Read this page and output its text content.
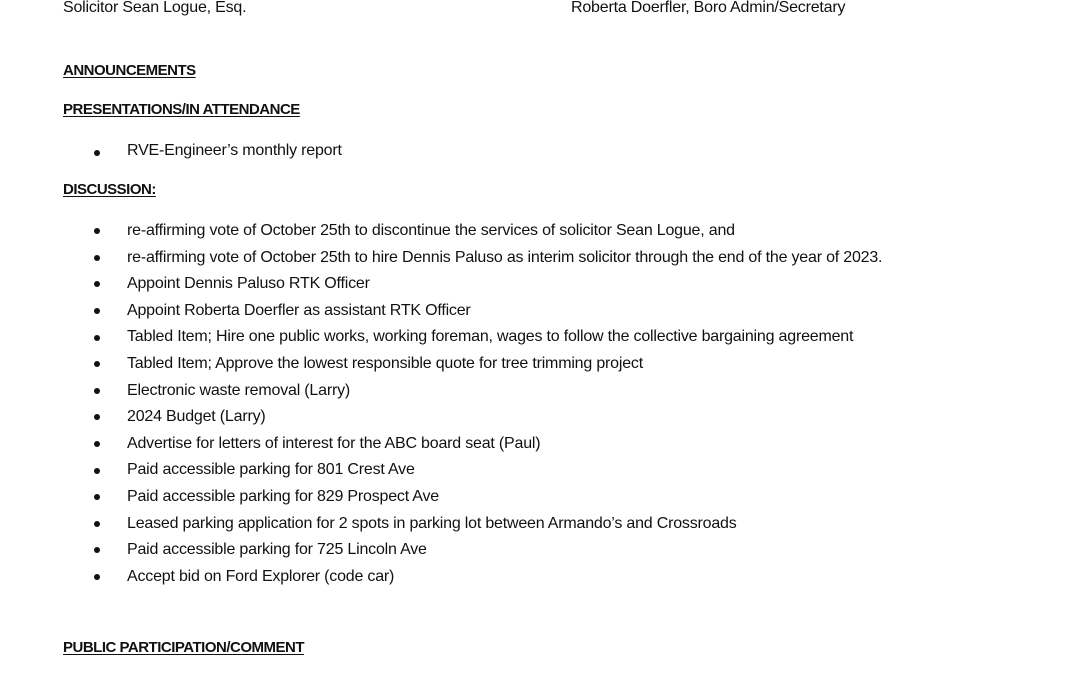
Solicitor Sean Logue, Esq.	Roberta Doerfler, Boro Admin/Secretary
ANNOUNCEMENTS
PRESENTATIONS/IN ATTENDANCE
RVE-Engineer’s monthly report
DISCUSSION:
re-affirming vote of October 25th to discontinue the services of solicitor Sean Logue, and
re-affirming vote of October 25th to hire Dennis Paluso as interim solicitor through the end of the year of 2023.
Appoint Dennis Paluso RTK Officer
Appoint Roberta Doerfler as assistant RTK Officer
Tabled Item; Hire one public works, working foreman, wages to follow the collective bargaining agreement
Tabled Item; Approve the lowest responsible quote for tree trimming project
Electronic waste removal (Larry)
2024 Budget (Larry)
Advertise for letters of interest for the ABC board seat (Paul)
Paid accessible parking for 801 Crest Ave
Paid accessible parking for 829 Prospect Ave
Leased parking application for 2 spots in parking lot between Armando’s and Crossroads
Paid accessible parking for 725 Lincoln Ave
Accept bid on Ford Explorer (code car)
PUBLIC PARTICIPATION/COMMENT
